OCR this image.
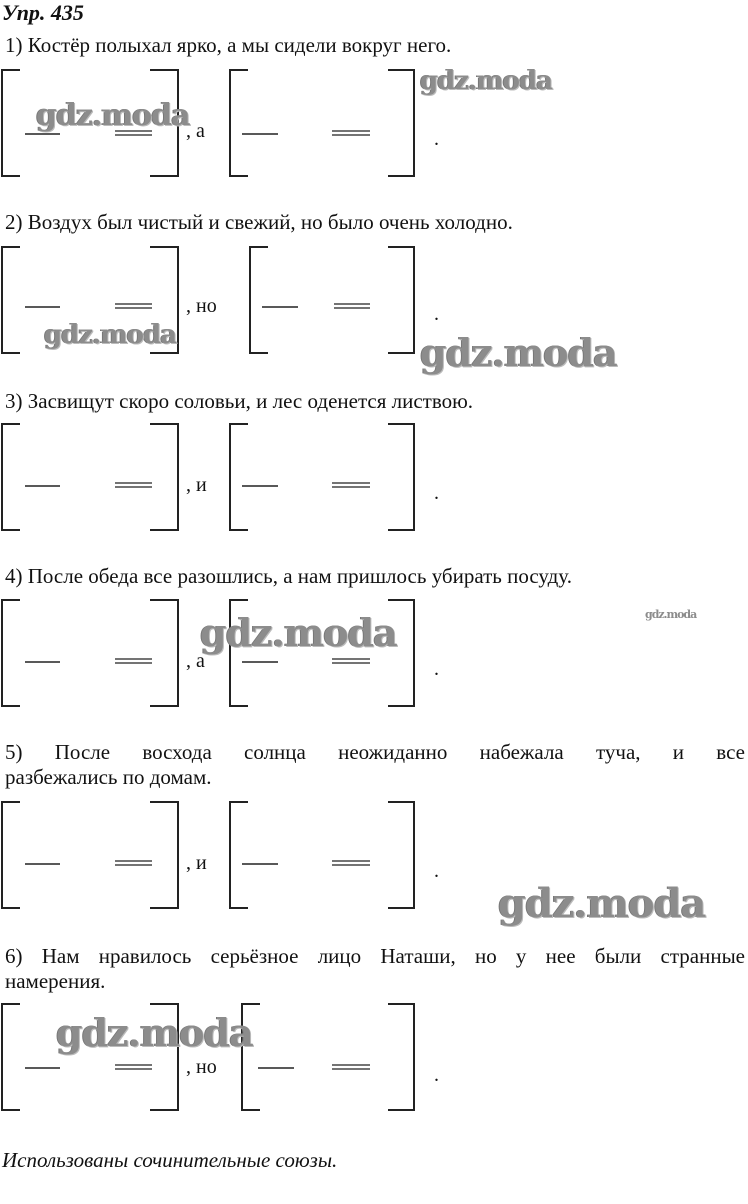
Упр. 435
1) Костёр полыхал ярко, а мы сидели вокруг него.
, а	.
gdz.moda
gdz.moda
2) Воздух был чистый и свежий, но было очень холодно.
, но	.
gdz.moda	gdz.moda
3) Засвищут скоро соловьи, и лес оденется листвою.
, и	.
4) После обеда все разошлись, а нам пришлось убирать посуду.
, а	.
gdz.moda	gdz.moda
5) После восхода солнца неожиданно набежала туча, и все
разбежались по домам.
, и	.
gdz.moda
6) Нам нравилось серьёзное лицо Наташи, но у нее были странные
намерения.
, но	.
gdz.moda
Использованы сочинительные союзы.
